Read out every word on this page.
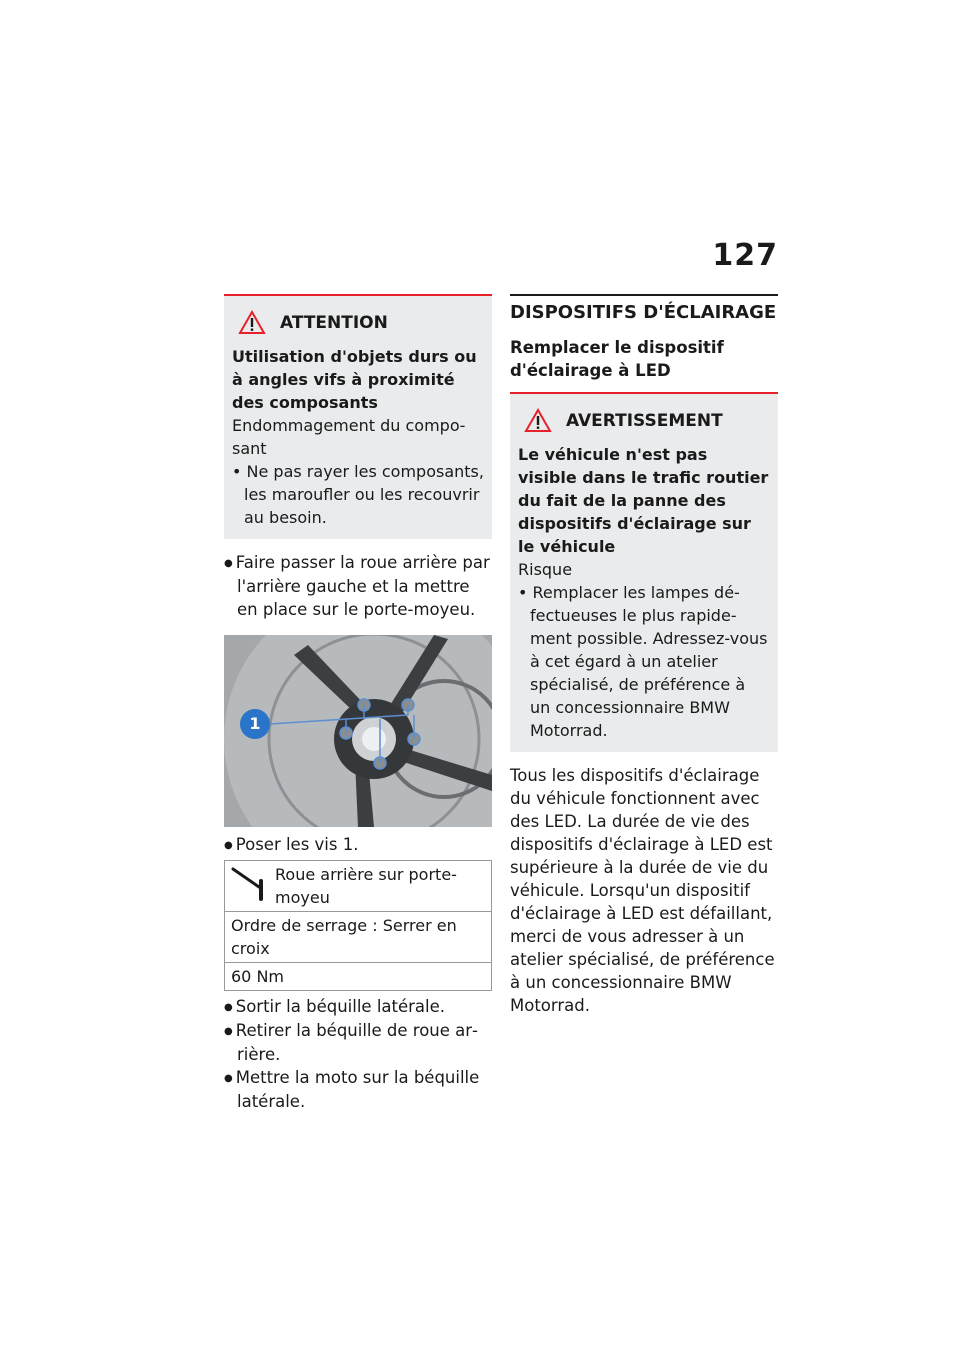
127
ATTENTION
Utilisation d'objets durs ou à angles vifs à proximité des composants
Endommagement du composant
• Ne pas rayer les composants, les maroufler ou les recouvrir au besoin.
● Faire passer la roue arrière par l'arrière gauche et la mettre en place sur le porte-moyeu.
1
● Poser les vis 1.
Roue arrière sur porte-moyeu
Ordre de serrage : Serrer en croix
60 Nm
● Sortir la béquille latérale.
● Retirer la béquille de roue arrière.
● Mettre la moto sur la béquille latérale.
DISPOSITIFS D'ÉCLAIRAGE
Remplacer le dispositif d'éclairage à LED
AVERTISSEMENT
Le véhicule n'est pas visible dans le trafic routier du fait de la panne des dispositifs d'éclairage sur le véhicule
Risque
• Remplacer les lampes défectueuses le plus rapidement possible. Adressez-vous à cet égard à un atelier spécialisé, de préférence à un concessionnaire BMW Motorrad.
Tous les dispositifs d'éclairage du véhicule fonctionnent avec des LED. La durée de vie des dispositifs d'éclairage à LED est supérieure à la durée de vie du véhicule. Lorsqu'un dispositif d'éclairage à LED est défaillant, merci de vous adresser à un atelier spécialisé, de préférence à un concessionnaire BMW Motorrad.
